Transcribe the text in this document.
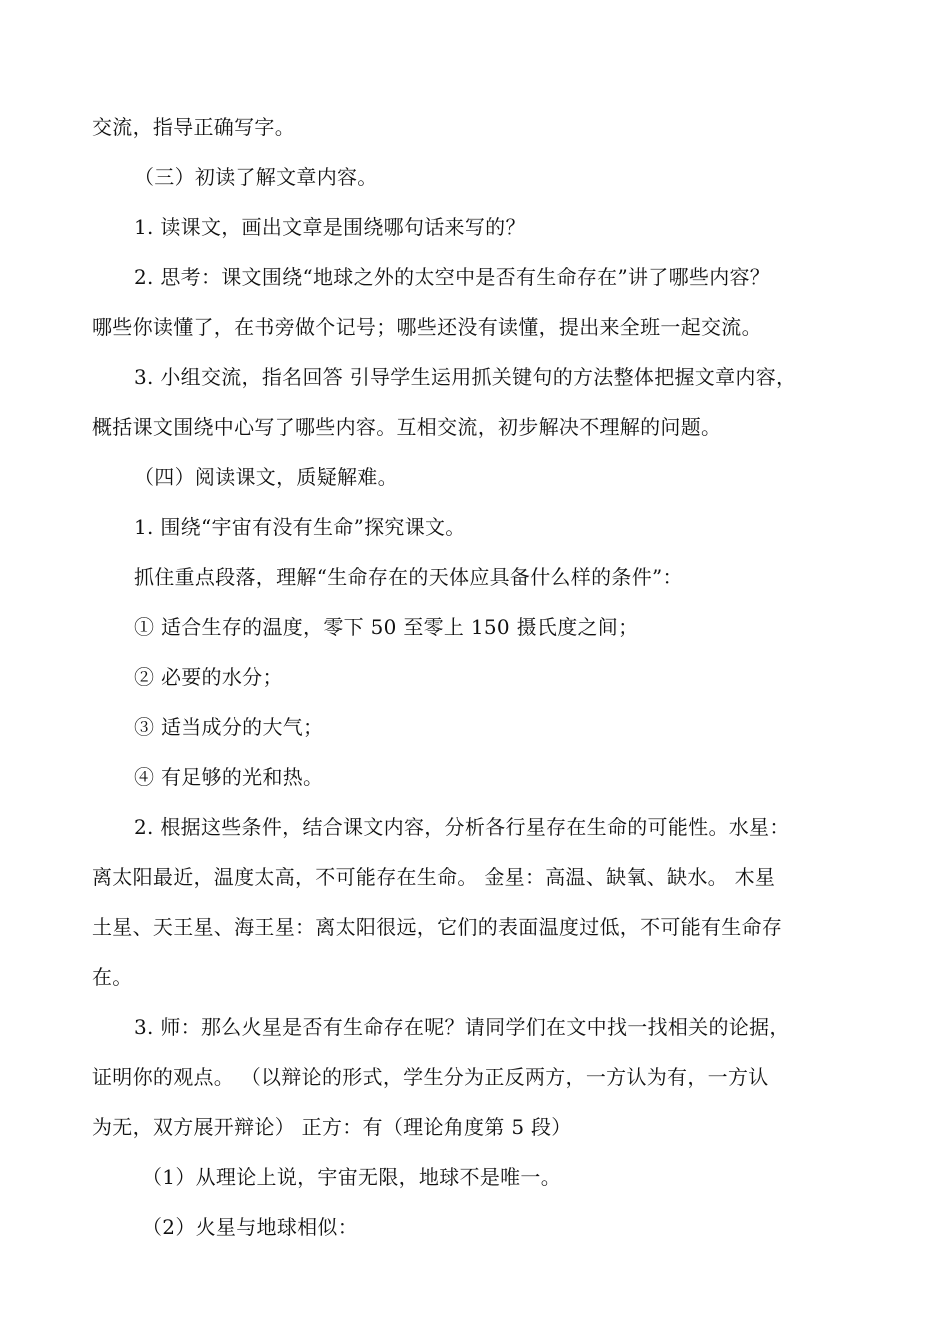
交流，指导正确写字。
（三）初读了解文章内容。
1. 读课文，画出文章是围绕哪句话来写的？
2. 思考：课文围绕“地球之外的太空中是否有生命存在”讲了哪些内容？
哪些你读懂了，在书旁做个记号；哪些还没有读懂，提出来全班一起交流。
3. 小组交流，指名回答 引导学生运用抓关键句的方法整体把握文章内容，
概括课文围绕中心写了哪些内容。互相交流，初步解决不理解的问题。
（四）阅读课文，质疑解难。
1. 围绕“宇宙有没有生命”探究课文。
抓住重点段落，理解“生命存在的天体应具备什么样的条件”：
① 适合生存的温度，零下 50 至零上 150 摄氏度之间；
② 必要的水分；
③ 适当成分的大气；
④ 有足够的光和热。
2. 根据这些条件，结合课文内容，分析各行星存在生命的可能性。水星：
离太阳最近，温度太高，不可能存在生命。 金星：高温、缺氧、缺水。 木星
土星、天王星、海王星：离太阳很远，它们的表面温度过低，不可能有生命存
在。
3. 师：那么火星是否有生命存在呢？请同学们在文中找一找相关的论据，
证明你的观点。 （以辩论的形式，学生分为正反两方，一方认为有，一方认
为无，双方展开辩论） 正方：有（理论角度第 5 段）
（1）从理论上说，宇宙无限，地球不是唯一。
（2）火星与地球相似：
